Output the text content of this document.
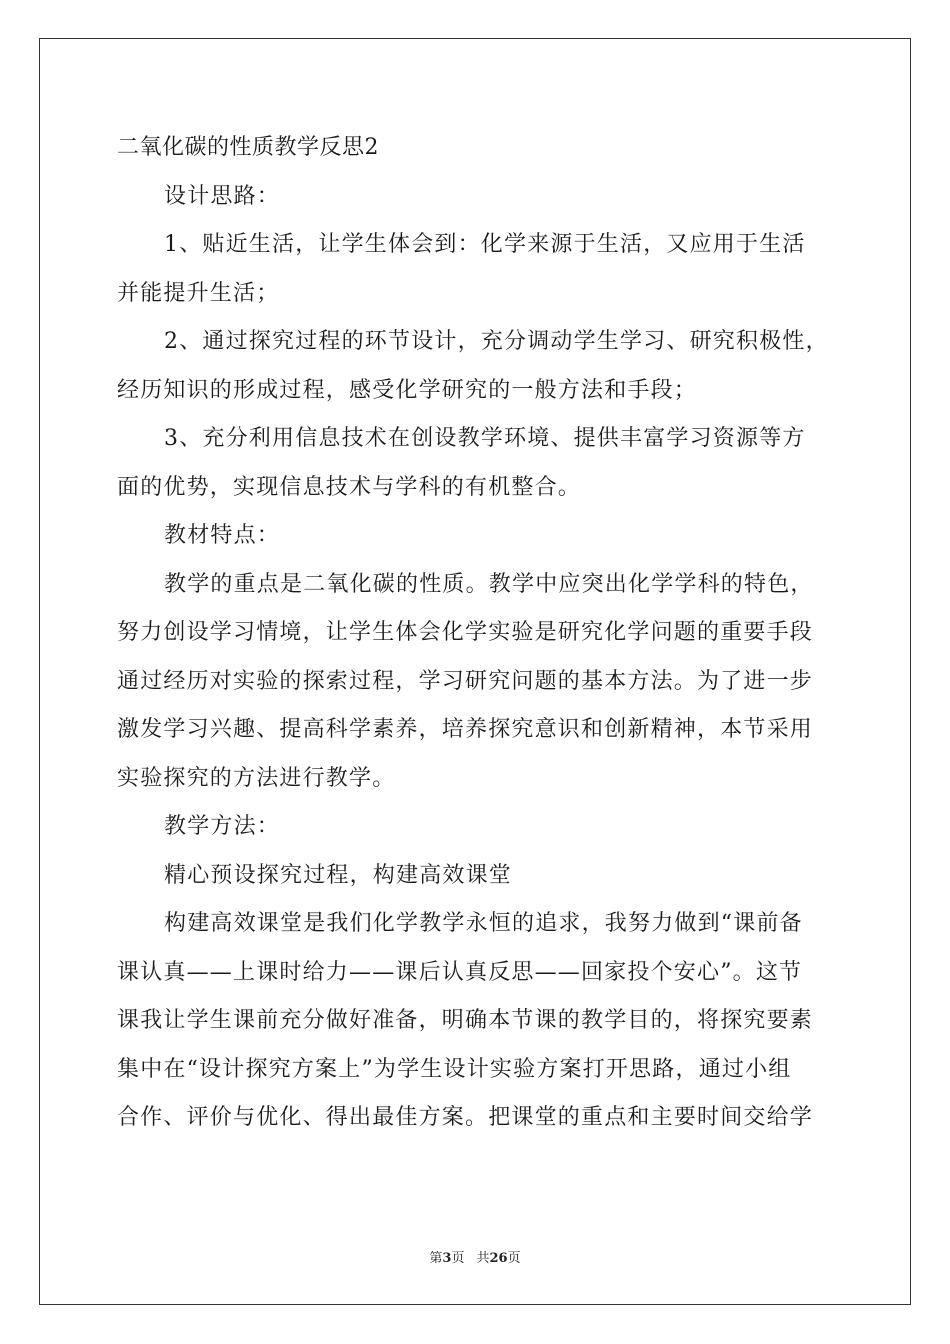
二氧化碳的性质教学反思2
设计思路：
1、贴近生活，让学生体会到：化学来源于生活，又应用于生活
并能提升生活；
2、通过探究过程的环节设计，充分调动学生学习、研究积极性，
经历知识的形成过程，感受化学研究的一般方法和手段；
3、充分利用信息技术在创设教学环境、提供丰富学习资源等方
面的优势，实现信息技术与学科的有机整合。
教材特点：
教学的重点是二氧化碳的性质。教学中应突出化学学科的特色，
努力创设学习情境，让学生体会化学实验是研究化学问题的重要手段
通过经历对实验的探索过程，学习研究问题的基本方法。为了进一步
激发学习兴趣、提高科学素养，培养探究意识和创新精神，本节采用
实验探究的方法进行教学。
教学方法：
精心预设探究过程，构建高效课堂
构建高效课堂是我们化学教学永恒的追求，我努力做到“课前备
课认真——上课时给力——课后认真反思——回家投个安心”。这节
课我让学生课前充分做好准备，明确本节课的教学目的，将探究要素
集中在“设计探究方案上”为学生设计实验方案打开思路，通过小组
合作、评价与优化、得出最佳方案。把课堂的重点和主要时间交给学
第3页 共26页
